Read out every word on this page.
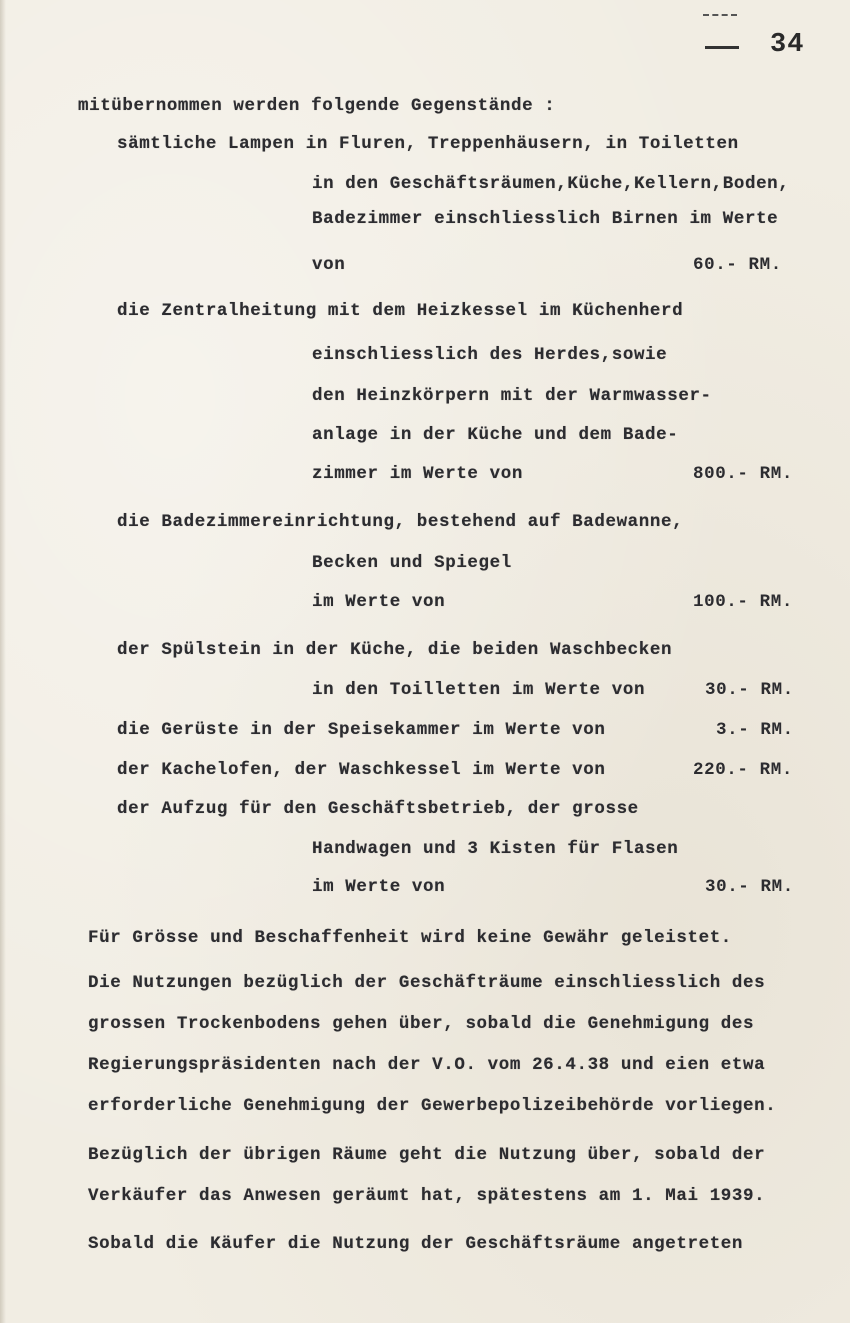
34
mitübernommen werden folgende Gegenstände :
sämtliche Lampen in Fluren, Treppenhäusern, in Toiletten
in den Geschäftsräumen,Küche,Kellern,Boden,
Badezimmer einschliesslich Birnen im Werte
von
die Zentralheitung mit dem Heizkessel im Küchenherd
einschliesslich des Herdes,sowie
den Heinzkörpern mit der Warmwasser-
anlage in der Küche und dem Bade-
zimmer im Werte von
die Badezimmereinrichtung, bestehend auf Badewanne,
Becken und Spiegel
im Werte von
der Spülstein in der Küche, die beiden Waschbecken
in den Toilletten im Werte von
die Gerüste in der Speisekammer im Werte von
der Kachelofen, der Waschkessel im Werte von
der Aufzug für den Geschäftsbetrieb, der grosse
Handwagen und 3 Kisten für Flasen
im Werte von
Für Grösse und Beschaffenheit wird keine Gewähr geleistet.
Die Nutzungen bezüglich der Geschäfträume einschliesslich des
grossen Trockenbodens gehen über, sobald die Genehmigung des
Regierungspräsidenten nach der V.O. vom 26.4.38 und eien etwa
erforderliche Genehmigung der Gewerbepolizeibehörde vorliegen.
Bezüglich der übrigen Räume geht die Nutzung über, sobald der
Verkäufer das Anwesen geräumt hat, spätestens am 1. Mai 1939.
Sobald die Käufer die Nutzung der Geschäftsräume angetreten
60.- RM.
800.- RM.
100.- RM.
30.- RM.
3.- RM.
220.- RM.
30.- RM.
